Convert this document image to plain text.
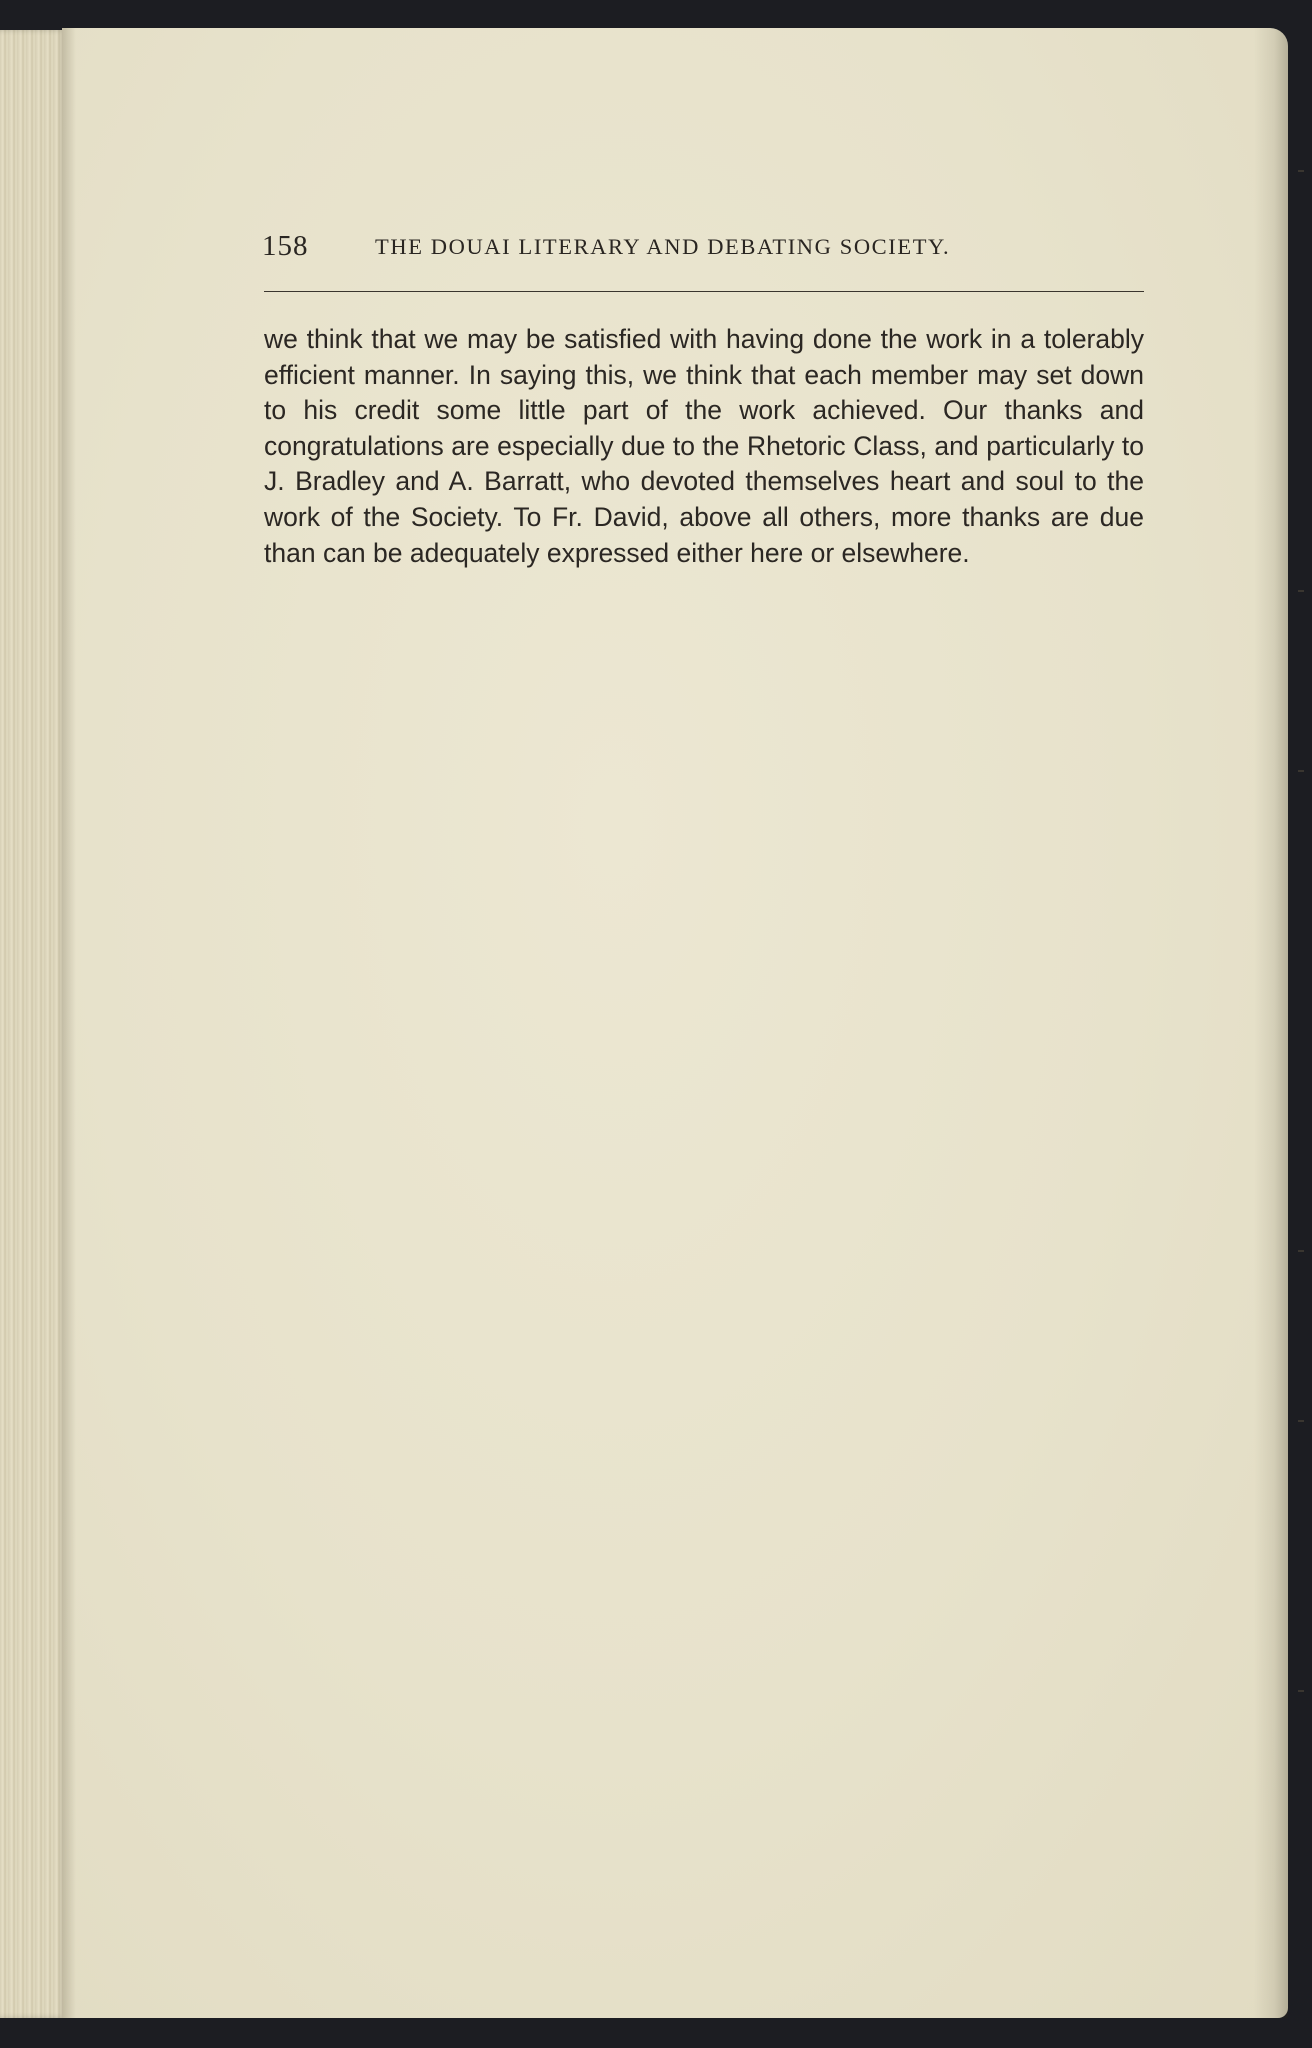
158	THE DOUAI LITERARY AND DEBATING SOCIETY.

we think that we may be satisfied with having done the work in a tolerably efficient manner. In saying this, we think that each member may set down to his credit some little part of the work achieved. Our thanks and congratulations are especially due to the Rhetoric Class, and particularly to J. Bradley and A. Barratt, who devoted themselves heart and soul to the work of the Society. To Fr. David, above all others, more thanks are due than can be adequately expressed either here or elsewhere.
